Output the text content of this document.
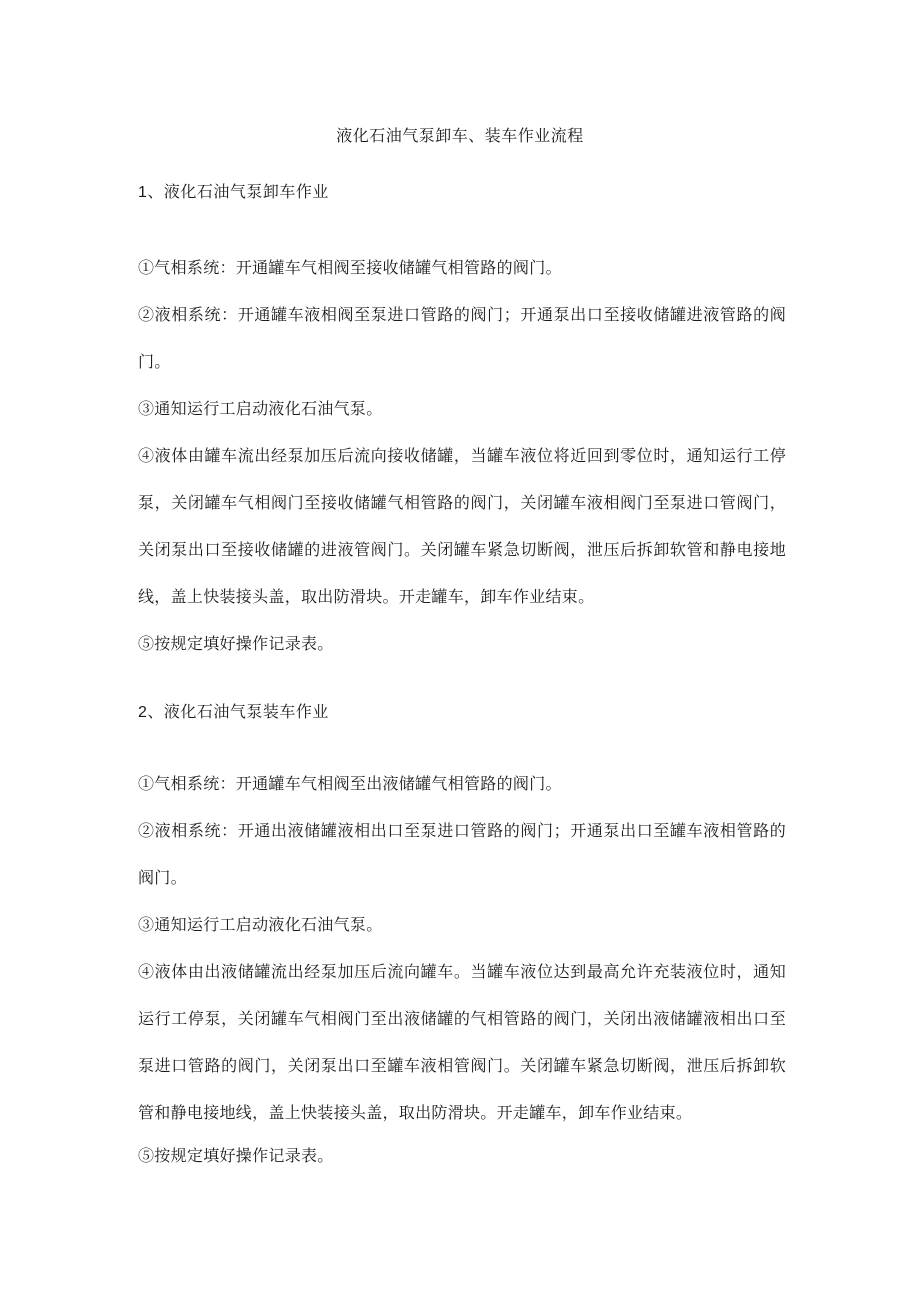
液化石油气泵卸车、装车作业流程
1、液化石油气泵卸车作业
①气相系统：开通罐车气相阀至接收储罐气相管路的阀门。
②液相系统：开通罐车液相阀至泵进口管路的阀门；开通泵出口至接收储罐进液管路的阀门。
③通知运行工启动液化石油气泵。
④液体由罐车流出经泵加压后流向接收储罐，当罐车液位将近回到零位时，通知运行工停泵，关闭罐车气相阀门至接收储罐气相管路的阀门，关闭罐车液相阀门至泵进口管阀门，关闭泵出口至接收储罐的进液管阀门。关闭罐车紧急切断阀，泄压后拆卸软管和静电接地线，盖上快装接头盖，取出防滑块。开走罐车，卸车作业结束。
⑤按规定填好操作记录表。
2、液化石油气泵装车作业
①气相系统：开通罐车气相阀至出液储罐气相管路的阀门。
②液相系统：开通出液储罐液相出口至泵进口管路的阀门；开通泵出口至罐车液相管路的阀门。
③通知运行工启动液化石油气泵。
④液体由出液储罐流出经泵加压后流向罐车。当罐车液位达到最高允许充装液位时，通知运行工停泵，关闭罐车气相阀门至出液储罐的气相管路的阀门，关闭出液储罐液相出口至泵进口管路的阀门，关闭泵出口至罐车液相管阀门。关闭罐车紧急切断阀，泄压后拆卸软管和静电接地线，盖上快装接头盖，取出防滑块。开走罐车，卸车作业结束。
⑤按规定填好操作记录表。
